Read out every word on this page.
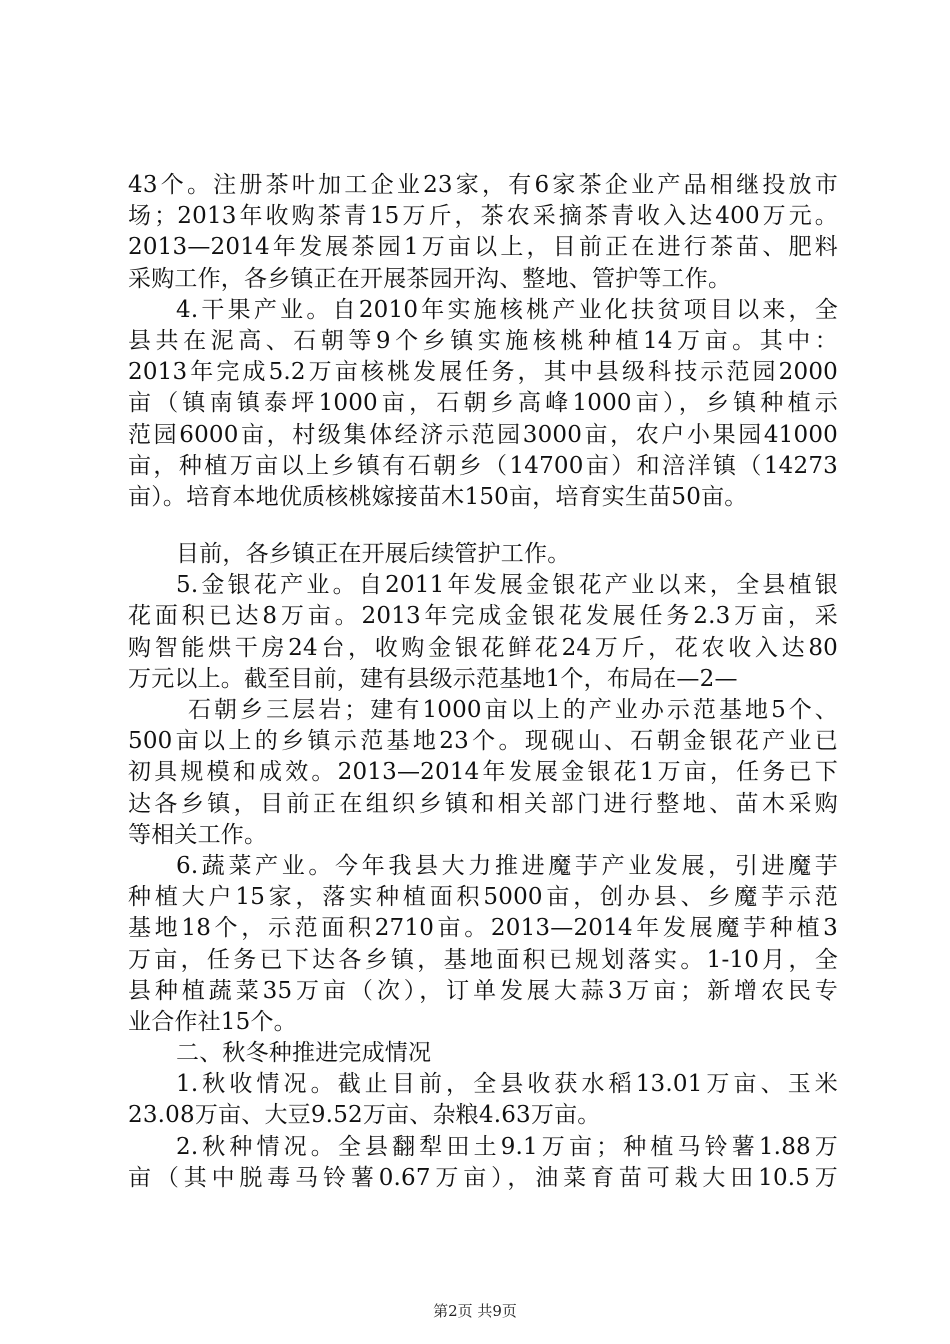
43个。注册茶叶加工企业23家，有6家茶企业产品相继投放市
场；2013年收购茶青15万斤，茶农采摘茶青收入达400万元。
2013—2014年发展茶园1万亩以上，目前正在进行茶苗、肥料
采购工作，各乡镇正在开展茶园开沟、整地、管护等工作。
4.干果产业。自2010年实施核桃产业化扶贫项目以来，全
县共在泥高、石朝等9个乡镇实施核桃种植14万亩。其中：
2013年完成5.2万亩核桃发展任务，其中县级科技示范园2000
亩（镇南镇泰坪1000亩，石朝乡高峰1000亩），乡镇种植示
范园6000亩，村级集体经济示范园3000亩，农户小果园41000
亩，种植万亩以上乡镇有石朝乡（14700亩）和涪洋镇（14273
亩）。培育本地优质核桃嫁接苗木150亩，培育实生苗50亩。
目前，各乡镇正在开展后续管护工作。
5.金银花产业。自2011年发展金银花产业以来，全县植银
花面积已达8万亩。2013年完成金银花发展任务2.3万亩，采
购智能烘干房24台，收购金银花鲜花24万斤，花农收入达80
万元以上。截至目前，建有县级示范基地1个，布局在—2—
石朝乡三层岩；建有1000亩以上的产业办示范基地5个、
500亩以上的乡镇示范基地23个。现砚山、石朝金银花产业已
初具规模和成效。2013—2014年发展金银花1万亩，任务已下
达各乡镇，目前正在组织乡镇和相关部门进行整地、苗木采购
等相关工作。
6.蔬菜产业。今年我县大力推进魔芋产业发展，引进魔芋
种植大户15家，落实种植面积5000亩，创办县、乡魔芋示范
基地18个，示范面积2710亩。2013—2014年发展魔芋种植3
万亩，任务已下达各乡镇，基地面积已规划落实。1-10月，全
县种植蔬菜35万亩（次），订单发展大蒜3万亩；新增农民专
业合作社15个。
二、秋冬种推进完成情况
1.秋收情况。截止目前，全县收获水稻13.01万亩、玉米
23.08万亩、大豆9.52万亩、杂粮4.63万亩。
2.秋种情况。全县翻犁田土9.1万亩；种植马铃薯1.88万
亩（其中脱毒马铃薯0.67万亩），油菜育苗可栽大田10.5万
第2页 共9页
